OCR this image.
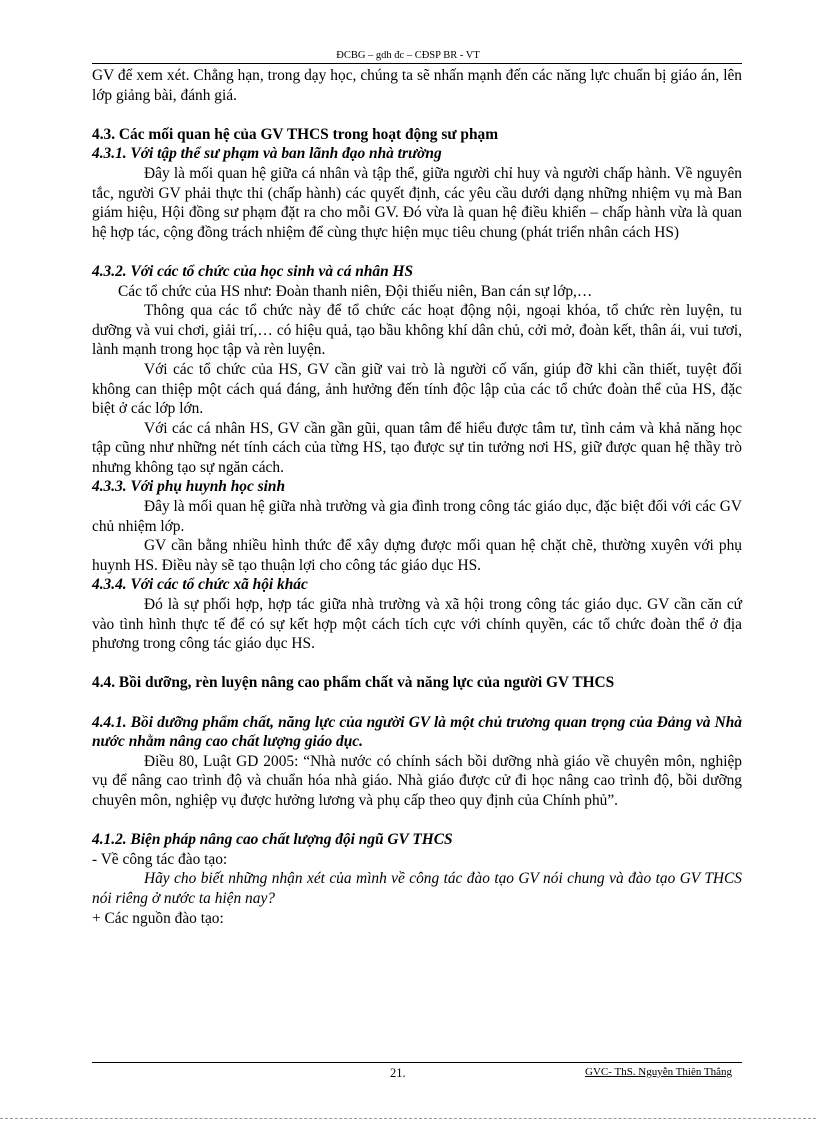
ĐCBG – gdh đc – CĐSP BR - VT

GV để xem xét. Chẳng hạn, trong dạy học, chúng ta sẽ nhấn mạnh đến các năng lực chuẩn bị giáo án, lên lớp giảng bài, đánh giá.

4.3. Các mối quan hệ của GV THCS trong hoạt động sư phạm

4.3.1. Với tập thể sư phạm và ban lãnh đạo nhà trường

Đây là mối quan hệ giữa cá nhân và tập thể, giữa người chỉ huy và người chấp hành. Về nguyên tắc, người GV phải thực thi (chấp hành) các quyết định, các yêu cầu dưới dạng những nhiệm vụ mà Ban giám hiệu, Hội đồng sư phạm đặt ra cho mỗi GV. Đó vừa là quan hệ điều khiển – chấp hành vừa là quan hệ hợp tác, cộng đồng trách nhiệm để cùng thực hiện mục tiêu chung (phát triển nhân cách HS)

4.3.2. Với các tổ chức của học sinh và cá nhân HS

Các tổ chức của HS như: Đoàn thanh niên, Đội thiếu niên, Ban cán sự lớp,…

Thông qua các tổ chức này để tổ chức các hoạt động nội, ngoại khóa, tổ chức rèn luyện, tu dưỡng và vui chơi, giải trí,… có hiệu quả, tạo bầu không khí dân chủ, cởi mở, đoàn kết, thân ái, vui tươi, lành mạnh trong học tập và rèn luyện.

Với các tổ chức của HS, GV cần giữ vai trò là người cố vấn, giúp đỡ khi cần thiết, tuyệt đối không can thiệp một cách quá đáng, ảnh hưởng đến tính độc lập của các tổ chức đoàn thể của HS, đặc biệt ở các lớp lớn.

Với các cá nhân HS, GV cần gần gũi, quan tâm để hiểu được tâm tư, tình cảm và khả năng học tập cũng như những nét tính cách của từng HS, tạo được sự tin tưởng nơi HS, giữ được quan hệ thầy trò nhưng không tạo sự ngăn cách.

4.3.3. Với phụ huynh học sinh

Đây là mối quan hệ giữa nhà trường và gia đình trong công tác giáo dục, đặc biệt đối với các GV chủ nhiệm lớp.

GV cần bằng nhiều hình thức để xây dựng được mối quan hệ chặt chẽ, thường xuyên với phụ huynh HS. Điều này sẽ tạo thuận lợi cho công tác giáo dục HS.

4.3.4. Với các tổ chức xã hội khác

Đó là sự phối hợp, hợp tác giữa nhà trường và xã hội trong công tác giáo dục. GV cần căn cứ vào tình hình thực tế để có sự kết hợp một cách tích cực với chính quyền, các tổ chức đoàn thể ở địa phương trong công tác giáo dục HS.

4.4. Bồi dưỡng, rèn luyện nâng cao phẩm chất và năng lực của người GV THCS

4.4.1. Bồi dưỡng phẩm chất, năng lực của người GV là một chủ trương quan trọng của Đảng và Nhà nước nhằm nâng cao chất lượng giáo dục.

Điều 80, Luật GD 2005: “Nhà nước có chính sách bồi dưỡng nhà giáo về chuyên môn, nghiệp vụ để nâng cao trình độ và chuẩn hóa nhà giáo. Nhà giáo được cử đi học nâng cao trình độ, bồi dưỡng chuyên môn, nghiệp vụ được hưởng lương và phụ cấp theo quy định của Chính phủ”.

4.1.2. Biện pháp nâng cao chất lượng đội ngũ GV THCS

- Về công tác đào tạo:

Hãy cho biết những nhận xét của mình về công tác đào tạo GV nói chung và đào tạo GV THCS nói riêng ở nước ta hiện nay?

+ Các nguồn đào tạo:

21.	GVC- ThS. Nguyễn Thiên Thắng
